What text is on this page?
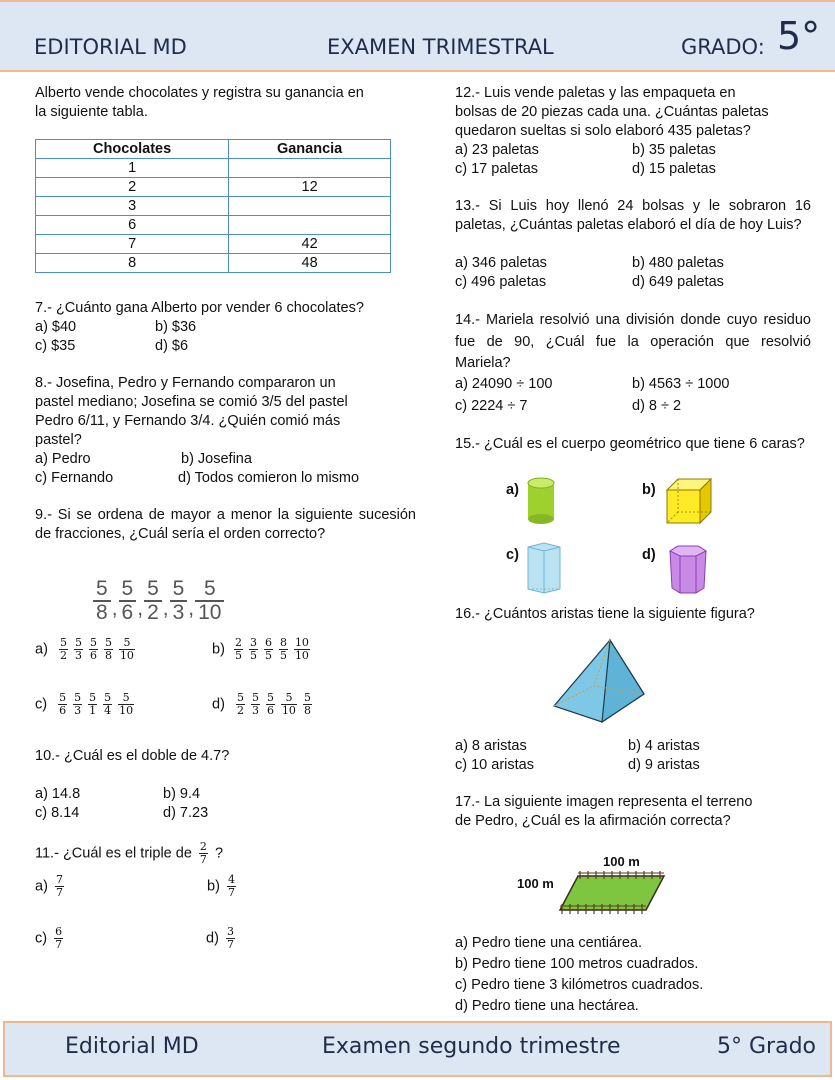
EDITORIAL MD	EXAMEN TRIMESTRAL	GRADO: 5°
Alberto vende chocolates y registra su ganancia en
la siguiente tabla.
Chocolates	Ganancia
1	
2	12
3	
6	
7	42
8	48
7.- ¿Cuánto gana Alberto por vender 6 chocolates?
a) $40	b) $36
c) $35	d) $6
8.- Josefina, Pedro y Fernando compararon un
pastel mediano; Josefina se comió 3/5 del pastel
Pedro 6/11, y Fernando 3/4. ¿Quién comió más
pastel?
a) Pedro	b) Josefina
c) Fernando	d) Todos comieron lo mismo
9.- Si se ordena de mayor a menor la siguiente sucesión de fracciones, ¿Cuál sería el orden correcto?
$\frac{5}{8}$ , $\frac{5}{6}$ , $\frac{5}{2}$ , $\frac{5}{3}$ , $\frac{5}{10}$
$a) \frac{5}{2} \frac{5}{3} \frac{5}{6} \frac{5}{8} \frac{5}{10}$	$b) \frac{2}{5} \frac{3}{5} \frac{6}{5} \frac{8}{5} \frac{10}{10}$
$c) \frac{5}{6} \frac{5}{3} \frac{5}{1} \frac{5}{4} \frac{5}{10}$	$d) \frac{5}{2} \frac{5}{3} \frac{5}{6} \frac{5}{10} \frac{5}{8}$
10.- ¿Cuál es el doble de 4.7?
a) 14.8	b) 9.4
c) 8.14	d) 7.23
11.- ¿Cuál es el triple de $\frac{2}{7}$ ?
$a) \frac{7}{7}$	$b) \frac{4}{7}$
$c) \frac{6}{7}$	$d) \frac{3}{7}$
12.- Luis vende paletas y las empaqueta en
bolsas de 20 piezas cada una. ¿Cuántas paletas
quedaron sueltas si solo elaboró 435 paletas?
a) 23 paletas	b) 35 paletas
c) 17 paletas	d) 15 paletas
13.- Si Luis hoy llenó 24 bolsas y le sobraron 16 paletas, ¿Cuántas paletas elaboró el día de hoy Luis?
a) 346 paletas	b) 480 paletas
c) 496 paletas	d) 649 paletas
14.- Mariela resolvió una división donde cuyo residuo fue de 90, ¿Cuál fue la operación que resolvió Mariela?
a) 24090 ÷ 100	b) 4563 ÷ 1000
c) 2224 ÷ 7	d) 8 ÷ 2
15.- ¿Cuál es el cuerpo geométrico que tiene 6 caras?
a)	b)
c)	d)
16.- ¿Cuántos aristas tiene la siguiente figura?
a) 8 aristas	b) 4 aristas
c) 10 aristas	d) 9 aristas
17.- La siguiente imagen representa el terreno
de Pedro, ¿Cuál es la afirmación correcta?
100 m
100 m
a) Pedro tiene una centiárea.
b) Pedro tiene 100 metros cuadrados.
c) Pedro tiene 3 kilómetros cuadrados.
d) Pedro tiene una hectárea.
Editorial MD	Examen segundo trimestre	5° Grado
